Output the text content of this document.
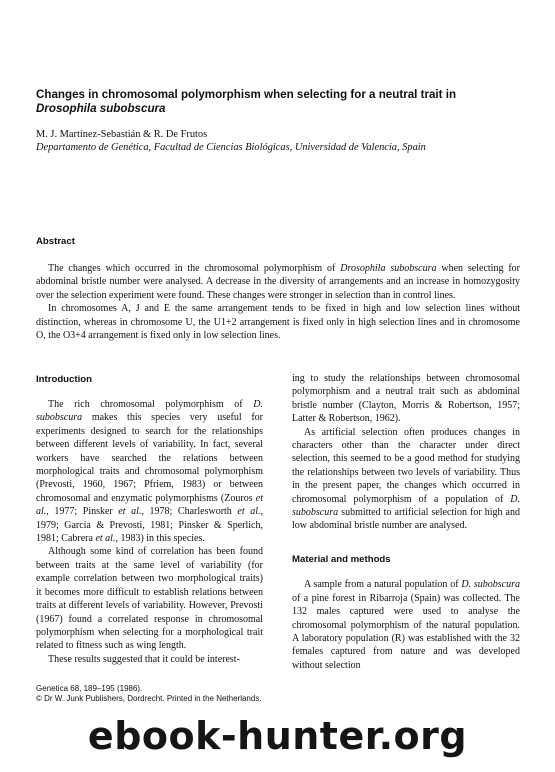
Changes in chromosomal polymorphism when selecting for a neutral trait in
Drosophila subobscura
M. J. Martínez-Sebastián & R. De Frutos
Departamento de Genética, Facultad de Ciencias Biológicas, Universidad de Valencia, Spain
Abstract

The changes which occurred in the chromosomal polymorphism of Drosophila subobscura when selecting for abdominal bristle number were analysed. A decrease in the diversity of arrangements and an increase in homozygosity over the selection experiment were found. These changes were stronger in selection than in control lines.

In chromosomes A, J and E the same arrangement tends to be fixed in high and low selection lines without distinction, whereas in chromosome U, the U1+2 arrangement is fixed only in high selection lines and in chromosome O, the O3+4 arrangement is fixed only in low selection lines.

Introduction

The rich chromosomal polymorphism of D. subobscura makes this species very useful for experiments designed to search for the relationships between different levels of variability. In fact, several workers have searched the relations between morphological traits and chromosomal polymorphism (Prevosti, 1960, 1967; Pfriem, 1983) or between chromosomal and enzymatic polymorphisms (Zouros et al., 1977; Pinsker et al., 1978; Charlesworth et al., 1979; García & Prevosti, 1981; Pinsker & Sperlich, 1981; Cabrera et al., 1983) in this species.

Although some kind of correlation has been found between traits at the same level of variability (for example correlation between two morphological traits) it becomes more difficult to establish relations between traits at different levels of variability. However, Prevosti (1967) found a correlated response in chromosomal polymorphism when selecting for a morphological trait related to fitness such as wing length.

These results suggested that it could be interest-

ing to study the relationships between chromosomal polymorphism and a neutral trait such as abdominal bristle number (Clayton, Morris & Robertson, 1957; Latter & Robertson, 1962).

As artificial selection often produces changes in characters other than the character under direct selection, this seemed to be a good method for studying the relationships between two levels of variability. Thus in the present paper, the changes which occurred in chromosomal polymorphism of a population of D. subobscura submitted to artificial selection for high and low abdominal bristle number are analysed.

Material and methods

A sample from a natural population of D. subobscura of a pine forest in Ribarroja (Spain) was collected. The 132 males captured were used to analyse the chromosomal polymorphism of the natural population. A laboratory population (R) was established with the 32 females captured from nature and was developed without selection

Genetica 68, 189–195 (1986).
© Dr W. Junk Publishers, Dordrecht. Printed in the Netherlands.
ebook-hunter.org
